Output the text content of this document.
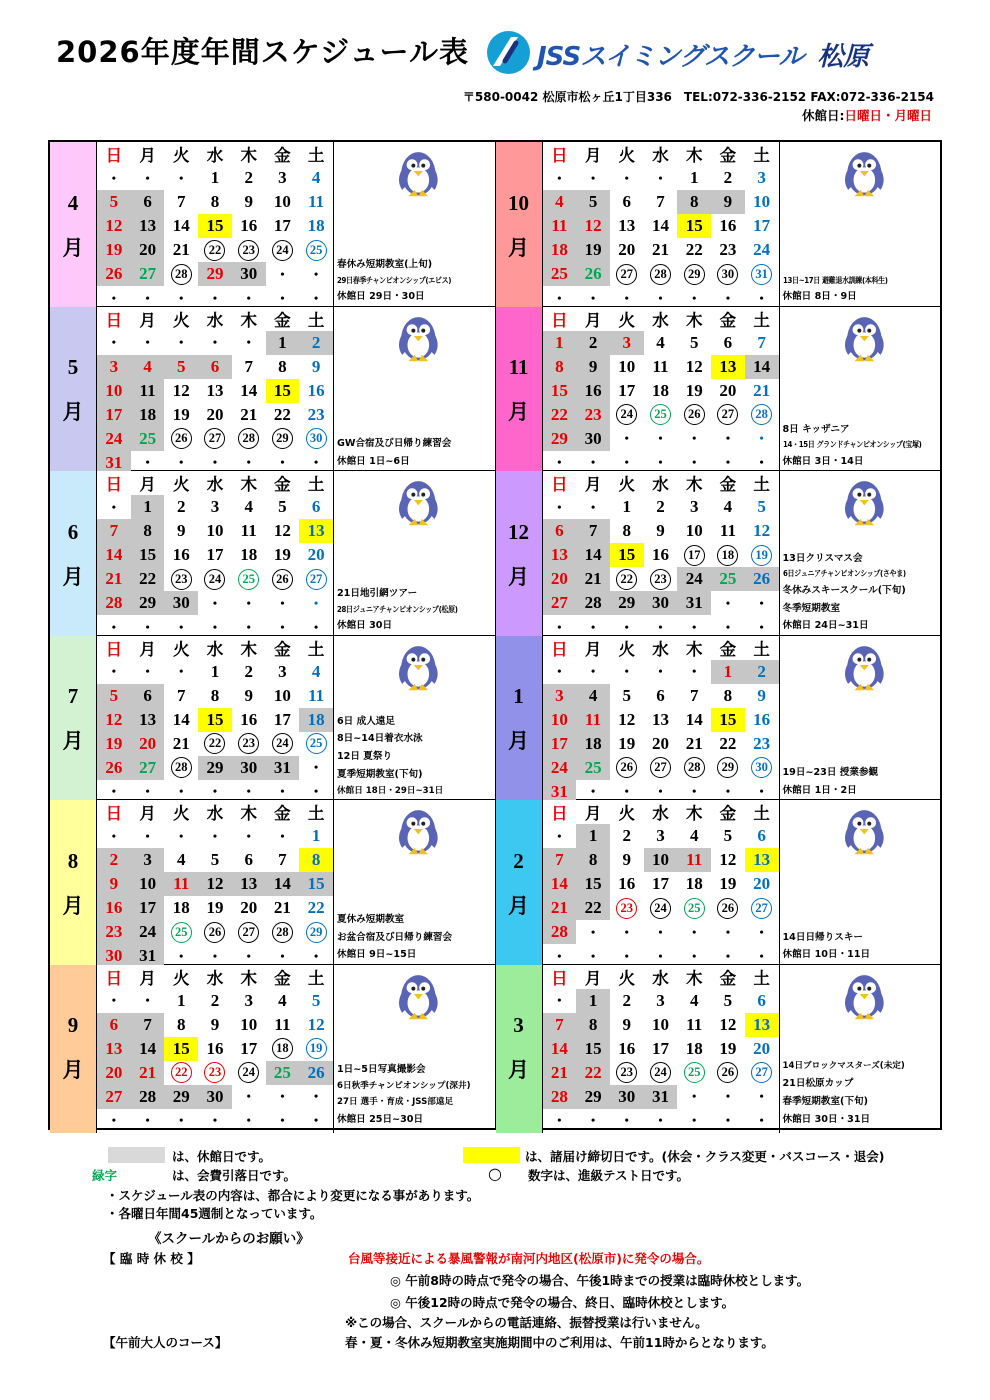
2026年度年間スケジュール表	JSSスイミングスクール 松原
〒580-0042 松原市松ヶ丘1丁目336　TEL:072-336-2152 FAX:072-336-2154
休館日:日曜日・月曜日
4
月
日	月	火	水	木	金	土
• • • 1 2 3 4
5 6 7 8 9 10 11
12 13 14 15 16 17 18
19 20 21	22	23	24	25
26 27	28 29 30 • •
• • • • • • •
春休み短期教室(上旬)
29日春季チャンピオンシップ(エビス)
休館日 29日・30日
5
月
日	月	火	水	木	金	土
• • • • • 1 2
3 4 5 6 7 8 9
10 11 12 13 14 15 16
17 18 19 20 21 22 23
24 25	26	27	28	29	30
31 • • • • • •
GW合宿及び日帰り練習会
休館日 1日~6日
6
月
日	月	火	水	木	金	土
• 1 2 3 4 5 6
7 8 9 10 11 12 13
14 15 16 17 18 19 20
21 22	23	24	25	26	27
28 29 30 • • • •
• • • • • • •
21日地引網ツアー
28日ジュニアチャンピオンシップ(松原)
休館日 30日
7
月
日	月	火	水	木	金	土
• • • 1 2 3 4
5 6 7 8 9 10 11
12 13 14 15 16 17 18
19 20 21	22	23	24	25
26 27	28 29 30 31 •
• • • • • • •
6日 成人遠足
8日~14日着衣水泳
12日 夏祭り
夏季短期教室(下旬)
休館日 18日・29日~31日
8
月
日	月	火	水	木	金	土
• • • • • • 1
2 3 4 5 6 7 8
9 10 11 12 13 14 15
16 17 18 19 20 21 22
23 24	25	26	27	28	29
30 31 • • • • •
夏休み短期教室
お盆合宿及び日帰り練習会
休館日 9日~15日
9
月
日	月	火	水	木	金	土
• • 1 2 3 4 5
6 7 8 9 10 11 12
13 14 15 16 17	18	19
20 21	22	23	24 25 26
27 28 29 30 • • •
• • • • • • •
1日~5日写真撮影会
6日秋季チャンピオンシップ(深井)
27日 選手・育成・JSS部遠足
休館日 25日~30日
10
月
日	月	火	水	木	金	土
• • • • 1 2 3
4 5 6 7 8 9 10
11 12 13 14 15 16 17
18 19 20 21 22 23 24
25 26	27	28	29	30	31
• • • • • • •
13日~17日 避難退水訓練(本科生)
休館日 8日・9日
11
月
日	月	火	水	木	金	土
1 2 3 4 5 6 7
8 9 10 11 12 13 14
15 16 17 18 19 20 21
22 23	24	25	26	27	28
29 30 • • • • •
• • • • • • •
8日 キッザニア
14・15日 グランドチャンピオンシップ(宝塚)
休館日 3日・14日
12
月
日	月	火	水	木	金	土
• • 1 2 3 4 5
6 7 8 9 10 11 12
13 14 15 16	17	18	19
20 21	22	23 24 25 26
27 28 29 30 31 • •
• • • • • • •
13日クリスマス会
6日ジュニアチャンピオンシップ(さやま)
冬休みスキースクール(下旬)
冬季短期教室
休館日 24日~31日
1
月
日	月	火	水	木	金	土
• • • • • 1 2
3 4 5 6 7 8 9
10 11 12 13 14 15 16
17 18 19 20 21 22 23
24 25	26	27	28	29	30
31 • • • • • •
19日~23日 授業参観
休館日 1日・2日
2
月
日	月	火	水	木	金	土
• 1 2 3 4 5 6
7 8 9 10 11 12 13
14 15 16 17 18 19 20
21 22	23	24	25	26	27
28 • • • • • •
• • • • • • •
14日日帰りスキー
休館日 10日・11日
3
月
日	月	火	水	木	金	土
• 1 2 3 4 5 6
7 8 9 10 11 12 13
14 15 16 17 18 19 20
21 22	23	24	25	26	27
28 29 30 31 • • •
• • • • • • •
14日ブロックマスターズ(未定)
21日松原カップ
春季短期教室(下旬)
休館日 30日・31日
は、休館日です。	は、諸届け締切日です。(休会・クラス変更・バスコース・退会)
緑字	は、会費引落日です。	○ 数字は、進級テスト日です。
・スケジュール表の内容は、都合により変更になる事があります。
・各曜日年間45週制となっています。
《スクールからのお願い》
【 臨 時 休 校 】	台風等接近による暴風警報が南河内地区(松原市)に発令の場合。
◎ 午前8時の時点で発令の場合、午後1時までの授業は臨時休校とします。
◎ 午後12時の時点で発令の場合、終日、臨時休校とします。
※この場合、スクールからの電話連絡、振替授業は行いません。
【午前大人のコース】	春・夏・冬休み短期教室実施期間中のご利用は、午前11時からとなります。
